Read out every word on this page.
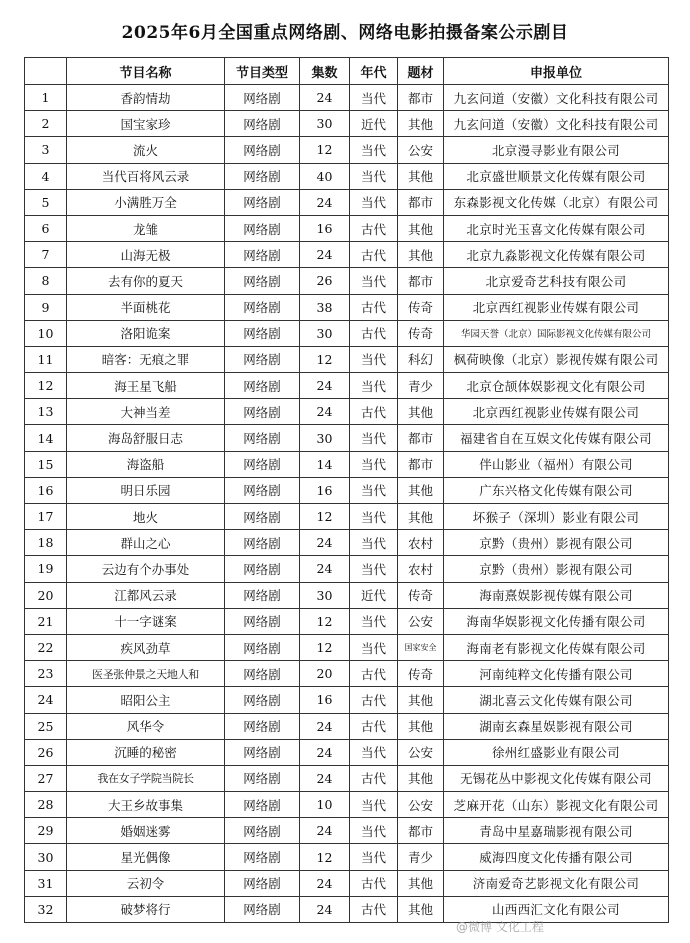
2025年6月全国重点网络剧、网络电影拍摄备案公示剧目
	节目名称	节目类型	集数	年代	题材	申报单位
1	香韵情劫	网络剧	24	当代	都市	九玄问道（安徽）文化科技有限公司
2	国宝家珍	网络剧	30	近代	其他	九玄问道（安徽）文化科技有限公司
3	流火	网络剧	12	当代	公安	北京漫寻影业有限公司
4	当代百将风云录	网络剧	40	当代	其他	北京盛世顺景文化传媒有限公司
5	小满胜万全	网络剧	24	当代	都市	东森影视文化传媒（北京）有限公司
6	龙雏	网络剧	16	古代	其他	北京时光玉喜文化传媒有限公司
7	山海无极	网络剧	24	古代	其他	北京九淼影视文化传媒有限公司
8	去有你的夏天	网络剧	26	当代	都市	北京爱奇艺科技有限公司
9	半面桃花	网络剧	38	古代	传奇	北京西红视影业传媒有限公司
10	洛阳诡案	网络剧	30	古代	传奇	华园天誉（北京）国际影视文化传媒有限公司
11	暗客：无痕之罪	网络剧	12	当代	科幻	枫荷映像（北京）影视传媒有限公司
12	海王星飞船	网络剧	24	当代	青少	北京仓颉体娱影视文化有限公司
13	大神当差	网络剧	24	古代	其他	北京西红视影业传媒有限公司
14	海岛舒服日志	网络剧	30	当代	都市	福建省自在互娱文化传媒有限公司
15	海盗船	网络剧	14	当代	都市	伴山影业（福州）有限公司
16	明日乐园	网络剧	16	当代	其他	广东兴格文化传媒有限公司
17	地火	网络剧	12	当代	其他	坏猴子（深圳）影业有限公司
18	群山之心	网络剧	24	当代	农村	京黔（贵州）影视有限公司
19	云边有个办事处	网络剧	24	当代	农村	京黔（贵州）影视有限公司
20	江都风云录	网络剧	30	近代	传奇	海南熹娱影视传媒有限公司
21	十一字谜案	网络剧	12	当代	公安	海南华娱影视文化传播有限公司
22	疾风劲草	网络剧	12	当代	国家安全	海南老有影视文化传媒有限公司
23	医圣张仲景之天地人和	网络剧	20	古代	传奇	河南纯粹文化传播有限公司
24	昭阳公主	网络剧	16	古代	其他	湖北喜云文化传媒有限公司
25	风华令	网络剧	24	古代	其他	湖南玄森星娱影视有限公司
26	沉睡的秘密	网络剧	24	当代	公安	徐州红盛影业有限公司
27	我在女子学院当院长	网络剧	24	古代	其他	无锡花丛中影视文化传媒有限公司
28	大王乡故事集	网络剧	10	当代	公安	芝麻开花（山东）影视文化有限公司
29	婚姻迷雾	网络剧	24	当代	都市	青岛中星嘉瑞影视有限公司
30	星光偶像	网络剧	12	当代	青少	威海四度文化传播有限公司
31	云初令	网络剧	24	古代	其他	济南爱奇艺影视文化有限公司
32	破梦将行	网络剧	24	古代	其他	山西西汇文化有限公司
@微博 文化工程
